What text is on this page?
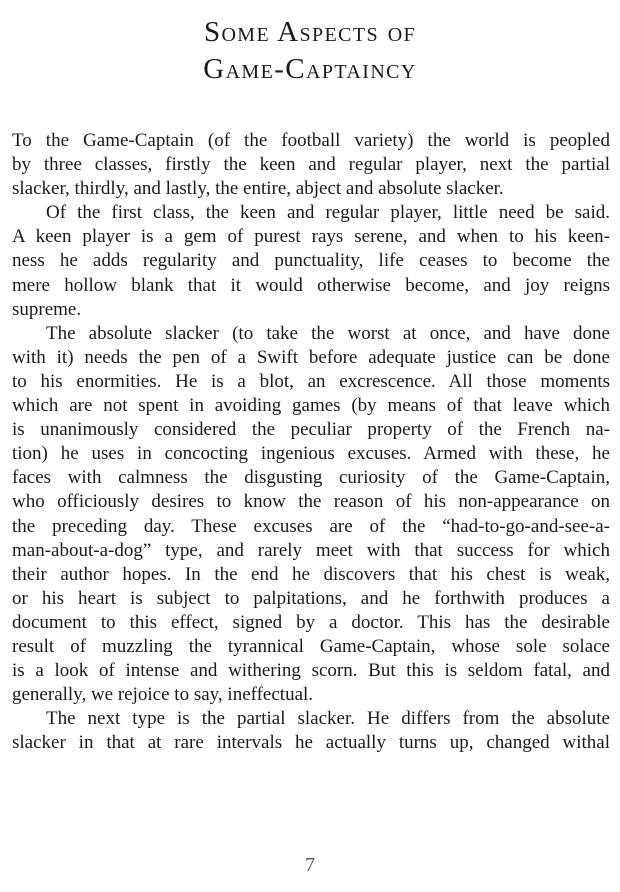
Some Aspects of
Game-Captaincy
To the Game-Captain (of the football variety) the world is peopled
by three classes, firstly the keen and regular player, next the partial
slacker, thirdly, and lastly, the entire, abject and absolute slacker.
Of the first class, the keen and regular player, little need be said.
A keen player is a gem of purest rays serene, and when to his keen-
ness he adds regularity and punctuality, life ceases to become the
mere hollow blank that it would otherwise become, and joy reigns
supreme.
The absolute slacker (to take the worst at once, and have done
with it) needs the pen of a Swift before adequate justice can be done
to his enormities. He is a blot, an excrescence. All those moments
which are not spent in avoiding games (by means of that leave which
is unanimously considered the peculiar property of the French na-
tion) he uses in concocting ingenious excuses. Armed with these, he
faces with calmness the disgusting curiosity of the Game-Captain,
who officiously desires to know the reason of his non-appearance on
the preceding day. These excuses are of the “had-to-go-and-see-a-
man-about-a-dog” type, and rarely meet with that success for which
their author hopes. In the end he discovers that his chest is weak,
or his heart is subject to palpitations, and he forthwith produces a
document to this effect, signed by a doctor. This has the desirable
result of muzzling the tyrannical Game-Captain, whose sole solace
is a look of intense and withering scorn. But this is seldom fatal, and
generally, we rejoice to say, ineffectual.
The next type is the partial slacker. He differs from the absolute
slacker in that at rare intervals he actually turns up, changed withal
7
